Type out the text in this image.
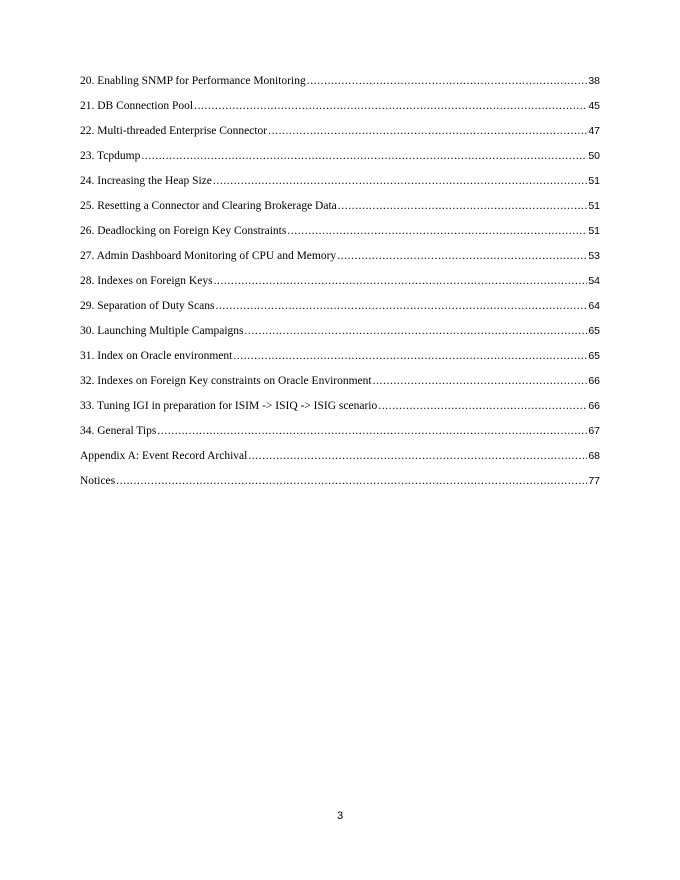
20. Enabling SNMP for Performance Monitoring .....	38
21. DB Connection Pool .....	45
22. Multi-threaded Enterprise Connector .....	47
23. Tcpdump .....	50
24. Increasing the Heap Size .....	51
25. Resetting a Connector and Clearing Brokerage Data .....	51
26. Deadlocking on Foreign Key Constraints .....	51
27. Admin Dashboard Monitoring of CPU and Memory .....	53
28. Indexes on Foreign Keys .....	54
29. Separation of Duty Scans .....	64
30. Launching Multiple Campaigns .....	65
31. Index on Oracle environment .....	65
32. Indexes on Foreign Key constraints on Oracle Environment .....	66
33. Tuning IGI in preparation for ISIM -> ISIQ -> ISIG scenario .....	66
34. General Tips .....	67
Appendix A: Event Record Archival .....	68
Notices .....	77
3
